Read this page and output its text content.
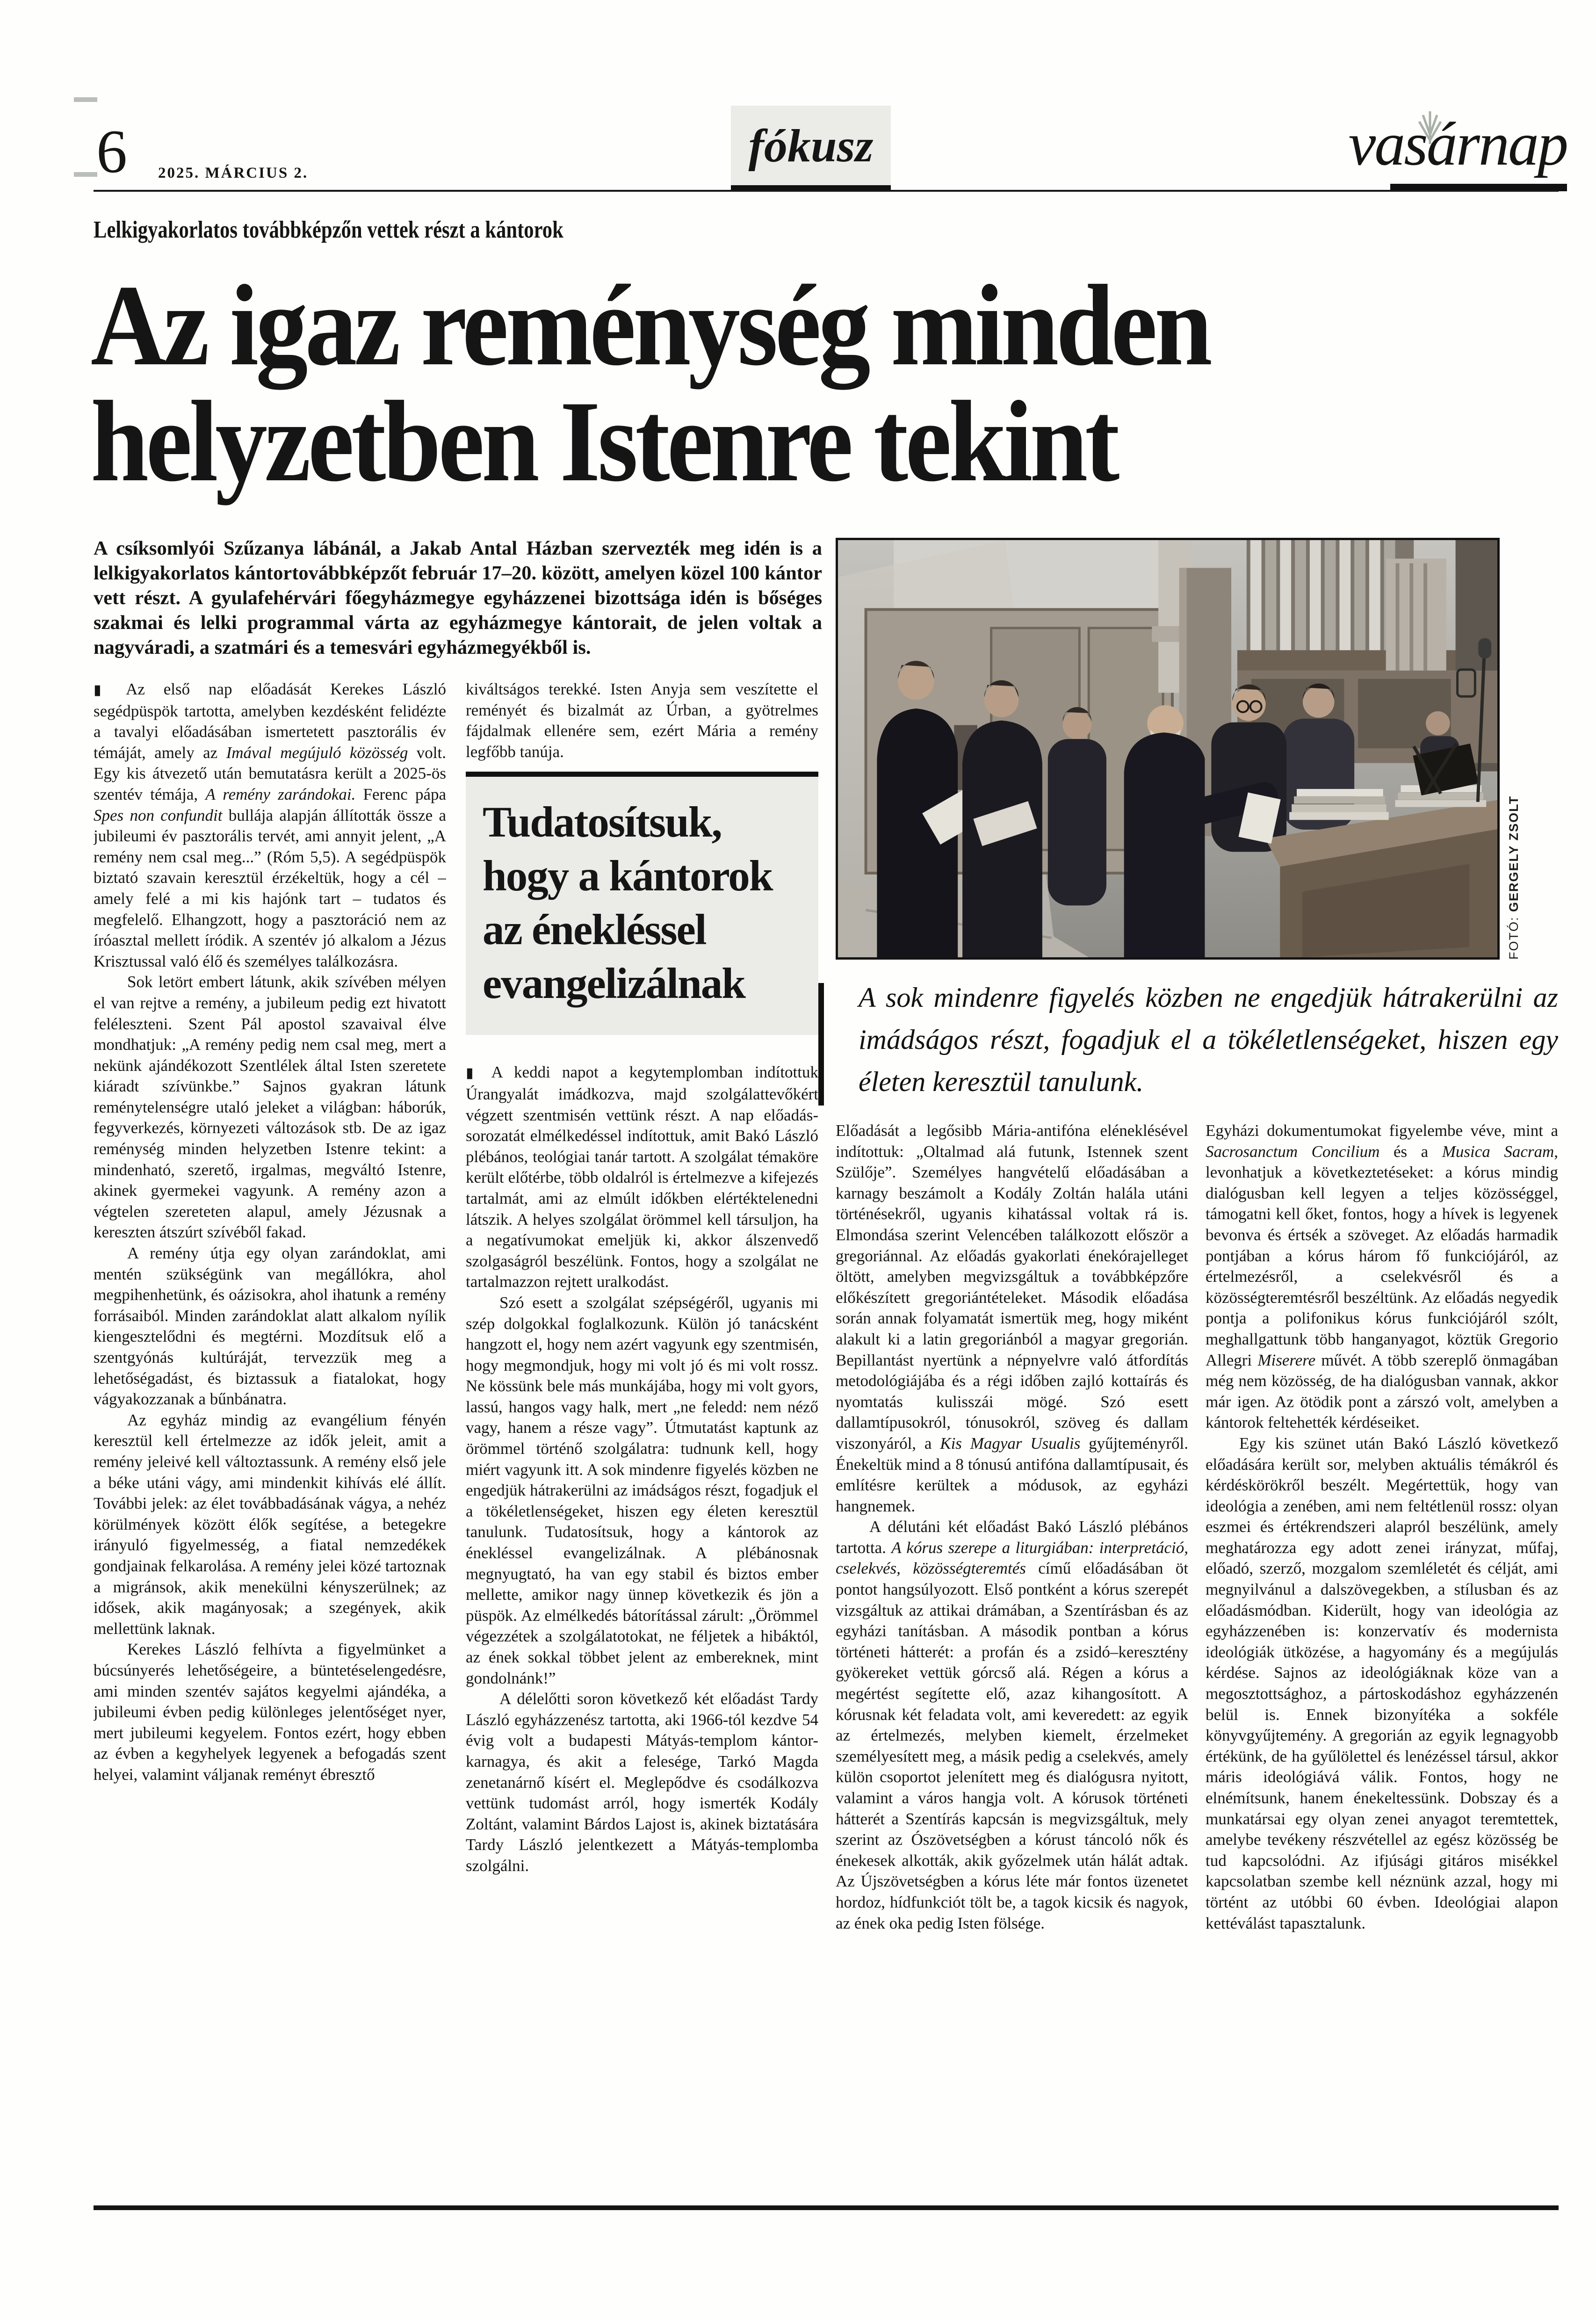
6 2025. MÁRCIUS 2.
fókusz	vasárnap
Lelkigyakorlatos továbbképzőn vettek részt a kántorok
Az igaz reménység minden
helyzetben Istenre tekint
A csíksomlyói Szűzanya lábánál, a Jakab Antal Házban szervezték meg idén is a lelkigyakorlatos kántortovábbképzőt február 17–20. között, amelyen közel 100 kántor vett részt. A gyulafehérvári főegyházmegye egyházzenei bizottsága idén is bőséges szakmai és lelki programmal várta az egyházmegye kántorait, de jelen voltak a nagyváradi, a szatmári és a temesvári egyházmegyékből is.
FOTÓ: GERGELY ZSOLT
A sok mindenre figyelés közben ne engedjük hátrakerülni az imádságos részt, fogadjuk el a tökéletlenségeket, hiszen egy életen keresztül tanulunk.

▮ Az első nap előadását Kerekes László segédpüspök tartotta, amelyben kezdésként felidézte a tavalyi előadásában ismertetett pasztorális év témáját, amely az Imával megújuló közösség volt. Egy kis átvezető után bemutatásra került a 2025-ös szentév témája, A remény zarándokai. Ferenc pápa Spes non confundit bullája alapján állították össze a jubileumi év pasztorális tervét, ami annyit jelent, „A remény nem csal meg...” (Róm 5,5). A segédpüspök biztató szavain keresztül érzékeltük, hogy a cél – amely felé a mi kis hajónk tart – tudatos és megfelelő. Elhangzott, hogy a pasztoráció nem az íróasztal mellett íródik. A szentév jó alkalom a Jézus Krisztussal való élő és személyes találkozásra.

Sok letört embert látunk, akik szívében mélyen el van rejtve a remény, a jubileum pedig ezt hivatott feléleszteni. Szent Pál apostol szavaival élve mondhatjuk: „A remény pedig nem csal meg, mert a nekünk ajándékozott Szentlélek által Isten szeretete kiáradt szívünkbe.” Sajnos gyakran látunk reménytelenségre utaló jeleket a világban: háborúk, fegyverkezés, környezeti változások stb. De az igaz reménység minden helyzetben Istenre tekint: a mindenható, szerető, irgalmas, megváltó Istenre, akinek gyermekei vagyunk. A remény azon a végtelen szereteten alapul, amely Jézusnak a kereszten átszúrt szívéből fakad.

A remény útja egy olyan zarándoklat, ami mentén szükségünk van megállókra, ahol megpihenhetünk, és oázisokra, ahol ihatunk a remény forrásaiból. Minden zarándoklat alatt alkalom nyílik kiengesztelődni és megtérni. Mozdítsuk elő a szentgyónás kultúráját, tervezzük meg a lehetőségadást, és biztassuk a fiatalokat, hogy vágyakozzanak a bűnbánatra.

Az egyház mindig az evangélium fényén keresztül kell értelmezze az idők jeleit, amit a remény jeleivé kell változtassunk. A remény első jele a béke utáni vágy, ami mindenkit kihívás elé állít. További jelek: az élet továbbadásának vágya, a nehéz körülmények között élők segítése, a betegekre irányuló figyelmesség, a fiatal nemzedékek gondjainak felkarolása. A remény jelei közé tartoznak a migránsok, akik menekülni kényszerülnek; az idősek, akik magányosak; a szegények, akik mellettünk laknak.

Kerekes László felhívta a figyelmünket a búcsúnyerés lehetőségeire, a büntetéselengedésre, ami minden szentév sajátos kegyelmi ajándéka, a jubileumi évben pedig különleges jelentőséget nyer, mert jubileumi kegyelem. Fontos ezért, hogy ebben az évben a kegyhelyek legyenek a befogadás szent helyei, valamint váljanak reményt ébresztő

kiváltságos terekké. Isten Anyja sem veszítette el reményét és bizalmát az Úrban, a gyötrelmes fájdalmak ellenére sem, ezért Mária a remény legfőbb tanúja.

Tudatosítsuk, hogy a kántorok az énekléssel evangelizálnak

▮ A keddi napot a kegytemplomban indítottuk Úrangyalát imádkozva, majd szolgálattevőkért végzett szentmisén vettünk részt. A nap előadás-sorozatát elmélkedéssel indítottuk, amit Bakó László plébános, teológiai tanár tartott. A szolgálat témaköre került előtérbe, több oldalról is értelmezve a kifejezés tartalmát, ami az elmúlt időkben elértéktelenedni látszik. A helyes szolgálat örömmel kell társuljon, ha a negatívumokat emeljük ki, akkor álszenvedő szolgaságról beszélünk. Fontos, hogy a szolgálat ne tartalmazzon rejtett uralkodást.

Szó esett a szolgálat szépségéről, ugyanis mi szép dolgokkal foglalkozunk. Külön jó tanácsként hangzott el, hogy nem azért vagyunk egy szentmisén, hogy megmondjuk, hogy mi volt jó és mi volt rossz. Ne kössünk bele más munkájába, hogy mi volt gyors, lassú, hangos vagy halk, mert „ne feledd: nem néző vagy, hanem a része vagy”. Útmutatást kaptunk az örömmel történő szolgálatra: tudnunk kell, hogy miért vagyunk itt. A sok mindenre figyelés közben ne engedjük hátrakerülni az imádságos részt, fogadjuk el a tökéletlenségeket, hiszen egy életen keresztül tanulunk. Tudatosítsuk, hogy a kántorok az énekléssel evangelizálnak. A plébánosnak megnyugtató, ha van egy stabil és biztos ember mellette, amikor nagy ünnep következik és jön a püspök. Az elmélkedés bátorítással zárult: „Örömmel végezzétek a szolgálatotokat, ne féljetek a hibáktól, az ének sokkal többet jelent az embereknek, mint gondolnánk!”

A délelőtti soron következő két előadást Tardy László egyházzenész tartotta, aki 1966-tól kezdve 54 évig volt a budapesti Mátyás-templom kántor-karnagya, és akit a felesége, Tarkó Magda zenetanárnő kísért el. Meglepődve és csodálkozva vettünk tudomást arról, hogy ismerték Kodály Zoltánt, valamint Bárdos Lajost is, akinek biztatására Tardy László jelentkezett a Mátyás-templomba szolgálni.

Előadását a legősibb Mária-antifóna eléneklésével indítottuk: „Oltalmad alá futunk, Istennek szent Szülője”. Személyes hangvételű előadásában a karnagy beszámolt a Kodály Zoltán halála utáni történésekről, ugyanis kihatással voltak rá is. Elmondása szerint Velencében találkozott először a gregoriánnal. Az előadás gyakorlati énekórajelleget öltött, amelyben megvizsgáltuk a továbbképzőre előkészített gregoriántételeket. Második előadása során annak folyamatát ismertük meg, hogy miként alakult ki a latin gregoriánból a magyar gregorián. Bepillantást nyertünk a népnyelvre való átfordítás metodológiájába és a régi időben zajló kottaírás és nyomtatás kulisszái mögé. Szó esett dallamtípusokról, tónusokról, szöveg és dallam viszonyáról, a Kis Magyar Usualis gyűjteményről. Énekeltük mind a 8 tónusú antifóna dallamtípusait, és említésre kerültek a módusok, az egyházi hangnemek.

A délutáni két előadást Bakó László plébános tartotta. A kórus szerepe a liturgiában: interpretáció, cselekvés, közösségteremtés című előadásában öt pontot hangsúlyozott. Első pontként a kórus szerepét vizsgáltuk az attikai drámában, a Szentírásban és az egyházi tanításban. A második pontban a kórus történeti hátterét: a profán és a zsidó–keresztény gyökereket vettük górcső alá. Régen a kórus a megértést segítette elő, azaz kihangosított. A kórusnak két feladata volt, ami keveredett: az egyik az értelmezés, melyben kiemelt, érzelmeket személyesített meg, a másik pedig a cselekvés, amely külön csoportot jelenített meg és dialógusra nyitott, valamint a város hangja volt. A kórusok történeti hátterét a Szentírás kapcsán is megvizsgáltuk, mely szerint az Ószövetségben a kórust táncoló nők és énekesek alkották, akik győzelmek után hálát adtak. Az Újszövetségben a kórus léte már fontos üzenetet hordoz, hídfunkciót tölt be, a tagok kicsik és nagyok, az ének oka pedig Isten fölsége.

Egyházi dokumentumokat figyelembe véve, mint a Sacrosanctum Concilium és a Musica Sacram, levonhatjuk a következtetéseket: a kórus mindig dialógusban kell legyen a teljes közösséggel, támogatni kell őket, fontos, hogy a hívek is legyenek bevonva és értsék a szöveget. Az előadás harmadik pontjában a kórus három fő funkciójáról, az értelmezésről, a cselekvésről és a közösségteremtésről beszéltünk. Az előadás negyedik pontja a polifonikus kórus funkciójáról szólt, meghallgattunk több hanganyagot, köztük Gregorio Allegri Miserere művét. A több szereplő önmagában még nem közösség, de ha dialógusban vannak, akkor már igen. Az ötödik pont a zárszó volt, amelyben a kántorok feltehették kérdéseiket.

Egy kis szünet után Bakó László következő előadására került sor, melyben aktuális témákról és kérdéskörökről beszélt. Megértettük, hogy van ideológia a zenében, ami nem feltétlenül rossz: olyan eszmei és értékrendszeri alapról beszélünk, amely meghatározza egy adott zenei irányzat, műfaj, előadó, szerző, mozgalom szemléletét és célját, ami megnyilvánul a dalszövegekben, a stílusban és az előadásmódban. Kiderült, hogy van ideológia az egyházzenében is: konzervatív és modernista ideológiák ütközése, a hagyomány és a megújulás kérdése. Sajnos az ideológiáknak köze van a megosztottsághoz, a pártoskodáshoz egyházzenén belül is. Ennek bizonyítéka a sokféle könyvgyűjtemény. A gregorián az egyik legnagyobb értékünk, de ha gyűlölettel és lenézéssel társul, akkor máris ideológiává válik. Fontos, hogy ne elnémítsunk, hanem énekeltessünk. Dobszay és a munkatársai egy olyan zenei anyagot teremtettek, amelybe tevékeny részvétellel az egész közösség be tud kapcsolódni. Az ifjúsági gitáros misékkel kapcsolatban szembe kell néznünk azzal, hogy mi történt az utóbbi 60 évben. Ideológiai alapon kettéválást tapasztalunk.
